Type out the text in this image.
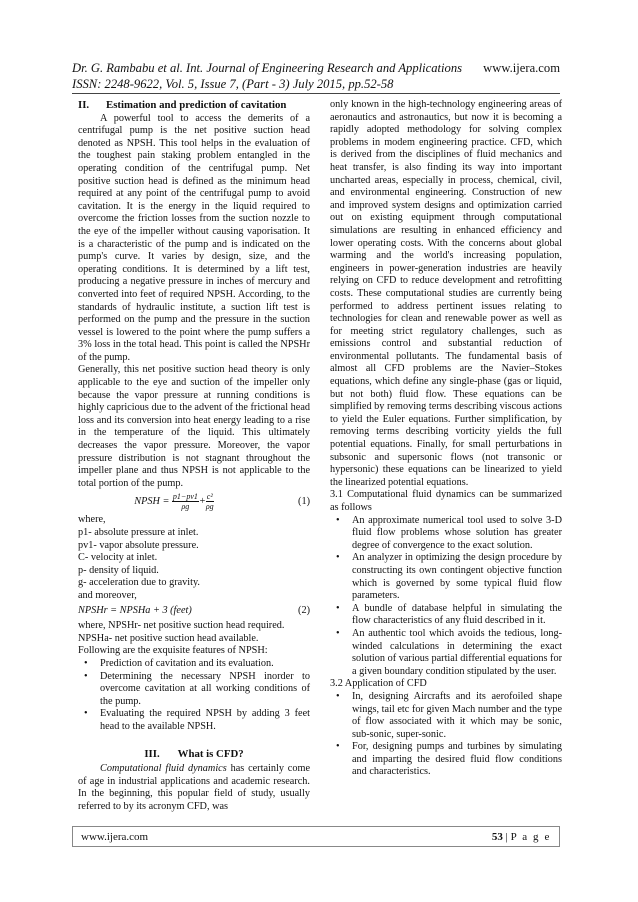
Dr. G. Rambabu et al. Int. Journal of Engineering Research and Applications www.ijera.com
ISSN: 2248-9622, Vol. 5, Issue 7, (Part - 3) July 2015, pp.52-58
II.	Estimation and prediction of cavitation

A powerful tool to access the demerits of a centrifugal pump is the net positive suction head denoted as NPSH. This tool helps in the evaluation of the toughest pain staking problem entangled in the operating condition of the centrifugal pump. Net positive suction head is defined as the minimum head required at any point of the centrifugal pump to avoid cavitation. It is the energy in the liquid required to overcome the friction losses from the suction nozzle to the eye of the impeller without causing vaporisation. It is a characteristic of the pump and is indicated on the pump's curve. It varies by design, size, and the operating conditions. It is determined by a lift test, producing a negative pressure in inches of mercury and converted into feet of required NPSH. According, to the standards of hydraulic institute, a suction lift test is performed on the pump and the pressure in the suction vessel is lowered to the point where the pump suffers a 3% loss in the total head. This point is called the NPSHr of the pump.

Generally, this net positive suction head theory is only applicable to the eye and suction of the impeller only because the vapor pressure at running conditions is highly capricious due to the advent of the frictional head loss and its conversion into heat energy leading to a rise in the temperature of the liquid. This ultimately decreases the vapor pressure. Moreover, the vapor pressure distribution is not stagnant throughout the impeller plane and thus NPSH is not applicable to the total portion of the pump.

NPSH = $\frac{p1-pv1}{\rho g} + \frac{\text{c²}}{\rho g}$	(1)

where,

p1- absolute pressure at inlet.

pv1- vapor absolute pressure.

C- velocity at inlet.

p- density of liquid.

g- acceleration due to gravity.

and moreover,

NPSHr = NPSHa + 3 (feet)	(2)

where, NPSHr- net positive suction head required.

NPSHa- net positive suction head available.

Following are the exquisite features of NPSH:

• Prediction of cavitation and its evaluation.
• Determining the necessary NPSH inorder to overcome cavitation at all working conditions of the pump.
• Evaluating the required NPSH by adding 3 feet head to the available NPSH.
III. What is CFD?

Computational fluid dynamics has certainly come of age in industrial applications and academic research. In the beginning, this popular field of study, usually referred to by its acronym CFD, was

only known in the high-technology engineering areas of aeronautics and astronautics, but now it is becoming a rapidly adopted methodology for solving complex problems in modem engineering practice. CFD, which is derived from the disciplines of fluid mechanics and heat transfer, is also finding its way into important uncharted areas, especially in process, chemical, civil, and environmental engineering. Construction of new and improved system designs and optimization carried out on existing equipment through computational simulations are resulting in enhanced efficiency and lower operating costs. With the concerns about global warming and the world's increasing population, engineers in power-generation industries are heavily relying on CFD to reduce development and retrofitting costs. These computational studies are currently being performed to address pertinent issues relating to technologies for clean and renewable power as well as for meeting strict regulatory challenges, such as emissions control and substantial reduction of environmental pollutants. The fundamental basis of almost all CFD problems are the Navier–Stokes equations, which define any single-phase (gas or liquid, but not both) fluid flow. These equations can be simplified by removing terms describing viscous actions to yield the Euler equations. Further simplification, by removing terms describing vorticity yields the full potential equations. Finally, for small perturbations in subsonic and supersonic flows (not transonic or hypersonic) these equations can be linearized to yield the linearized potential equations.

3.1 Computational fluid dynamics can be summarized as follows

• An approximate numerical tool used to solve 3-D fluid flow problems whose solution has greater degree of convergence to the exact solution.
• An analyzer in optimizing the design procedure by constructing its own contingent objective function which is governed by some typical fluid flow parameters.
• A bundle of database helpful in simulating the flow characteristics of any fluid described in it.
• An authentic tool which avoids the tedious, long-winded calculations in determining the exact solution of various partial differential equations for a given boundary condition stipulated by the user.

3.2 Application of CFD

• In, designing Aircrafts and its aerofoiled shape wings, tail etc for given Mach number and the type of flow associated with it which may be sonic, sub-sonic, super-sonic.
• For, designing pumps and turbines by simulating and imparting the desired fluid flow conditions and characteristics.
www.ijera.com	53 | P a g e
